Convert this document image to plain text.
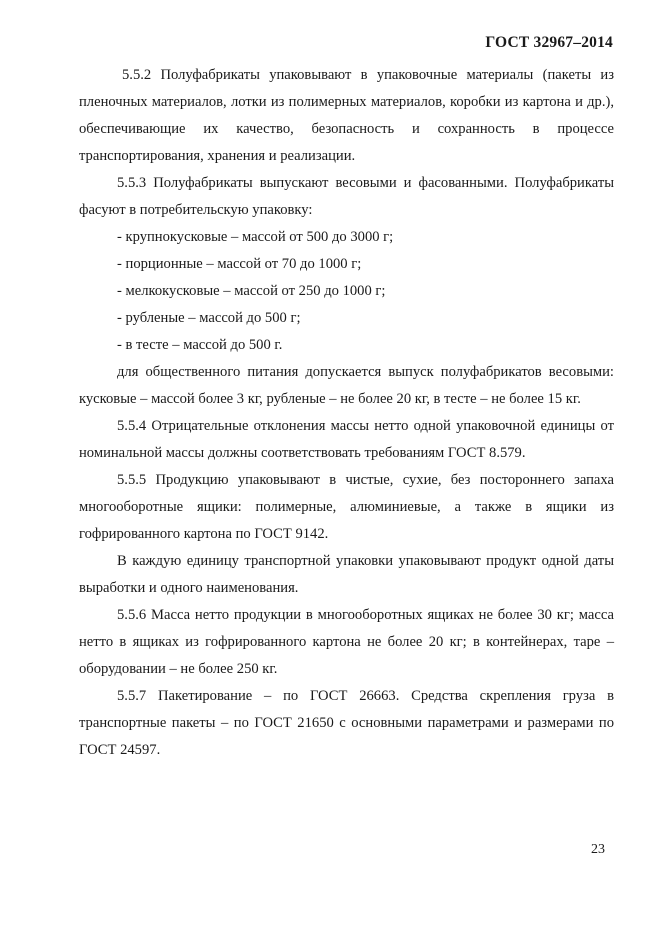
ГОСТ 32967–2014

5.5.2 Полуфабрикаты упаковывают в упаковочные материалы (пакеты из пленочных материалов, лотки из полимерных материалов, коробки из картона и др.), обеспечивающие их качество, безопасность и сохранность в процессе транспортирования, хранения и реализации.

5.5.3 Полуфабрикаты выпускают весовыми и фасованными. Полуфабрикаты фасуют в потребительскую упаковку:

- крупнокусковые – массой от 500 до 3000 г;

- порционные – массой от 70 до 1000 г;

- мелкокусковые – массой от 250 до 1000 г;

- рубленые – массой до 500 г;

- в тесте – массой до 500 г.

для общественного питания допускается выпуск полуфабрикатов весовыми: кусковые – массой более 3 кг, рубленые – не более 20 кг, в тесте – не более 15 кг.

5.5.4 Отрицательные отклонения массы нетто одной упаковочной единицы от номинальной массы должны соответствовать требованиям ГОСТ 8.579.

5.5.5 Продукцию упаковывают в чистые, сухие, без постороннего запаха многооборотные ящики: полимерные, алюминиевые, а также в ящики из гофрированного картона по ГОСТ 9142.

В каждую единицу транспортной упаковки упаковывают продукт одной даты выработки и одного наименования.

5.5.6 Масса нетто продукции в многооборотных ящиках не более 30 кг; масса нетто в ящиках из гофрированного картона не более 20 кг; в контейнерах, таре – оборудовании – не более 250 кг.

5.5.7 Пакетирование – по ГОСТ 26663. Средства скрепления груза в транспортные пакеты – по ГОСТ 21650 с основными параметрами и размерами по ГОСТ 24597.

23
